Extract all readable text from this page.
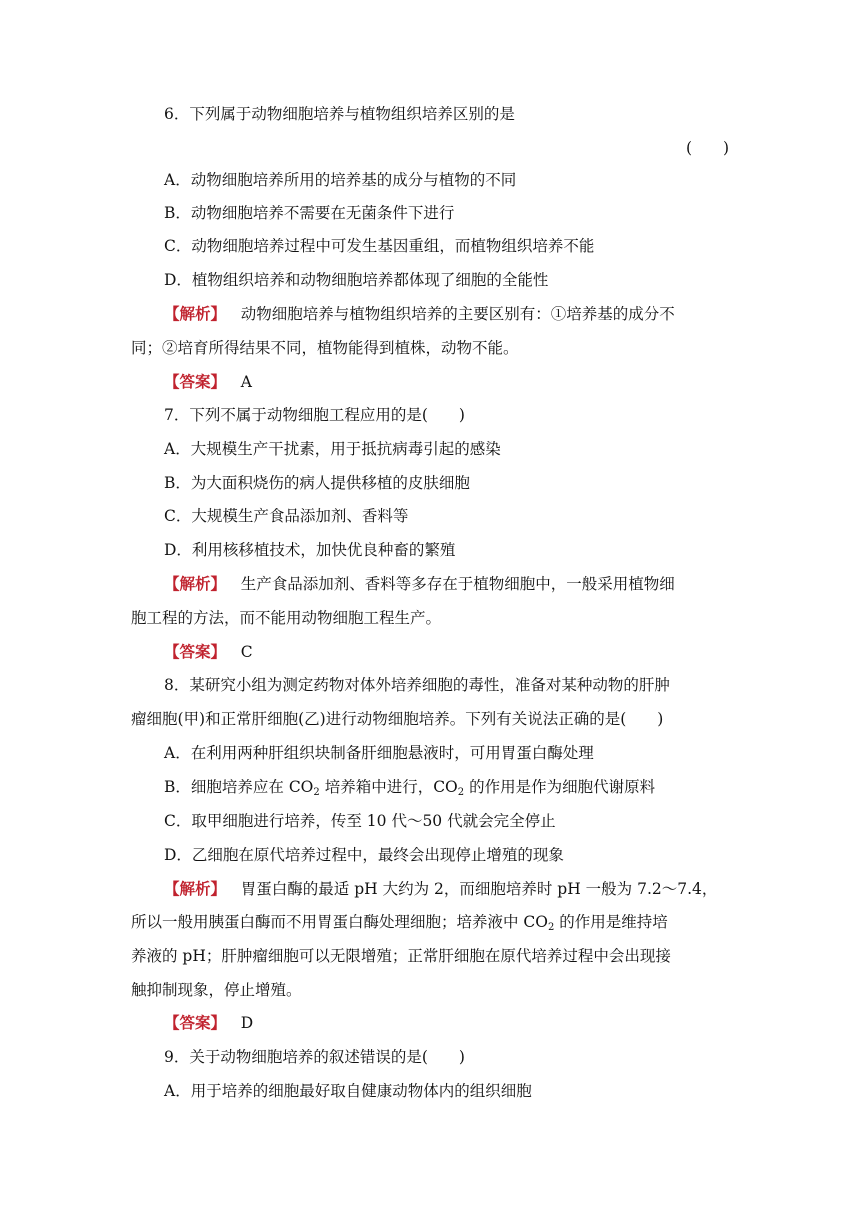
6．下列属于动物细胞培养与植物组织培养区别的是
(　　)
A．动物细胞培养所用的培养基的成分与植物的不同
B．动物细胞培养不需要在无菌条件下进行
C．动物细胞培养过程中可发生基因重组，而植物组织培养不能
D．植物组织培养和动物细胞培养都体现了细胞的全能性
【解析】 动物细胞培养与植物组织培养的主要区别有：①培养基的成分不
同；②培育所得结果不同，植物能得到植株，动物不能。
【答案】 A
7．下列不属于动物细胞工程应用的是(　　)
A．大规模生产干扰素，用于抵抗病毒引起的感染
B．为大面积烧伤的病人提供移植的皮肤细胞
C．大规模生产食品添加剂、香料等
D．利用核移植技术，加快优良种畜的繁殖
【解析】 生产食品添加剂、香料等多存在于植物细胞中，一般采用植物细
胞工程的方法，而不能用动物细胞工程生产。
【答案】 C
8．某研究小组为测定药物对体外培养细胞的毒性，准备对某种动物的肝肿
瘤细胞(甲)和正常肝细胞(乙)进行动物细胞培养。下列有关说法正确的是(　　)
A．在利用两种肝组织块制备肝细胞悬液时，可用胃蛋白酶处理
B．细胞培养应在 $CO_2$ 培养箱中进行，$CO_2$ 的作用是作为细胞代谢原料
C．取甲细胞进行培养，传至 10 代～50 代就会完全停止
D．乙细胞在原代培养过程中，最终会出现停止增殖的现象
【解析】 胃蛋白酶的最适 pH 大约为 2，而细胞培养时 pH 一般为 7.2～7.4，
所以一般用胰蛋白酶而不用胃蛋白酶处理细胞；培养液中 $CO_2$ 的作用是维持培
养液的 pH；肝肿瘤细胞可以无限增殖；正常肝细胞在原代培养过程中会出现接
触抑制现象，停止增殖。
【答案】 D
9．关于动物细胞培养的叙述错误的是(　　)
A．用于培养的细胞最好取自健康动物体内的组织细胞
